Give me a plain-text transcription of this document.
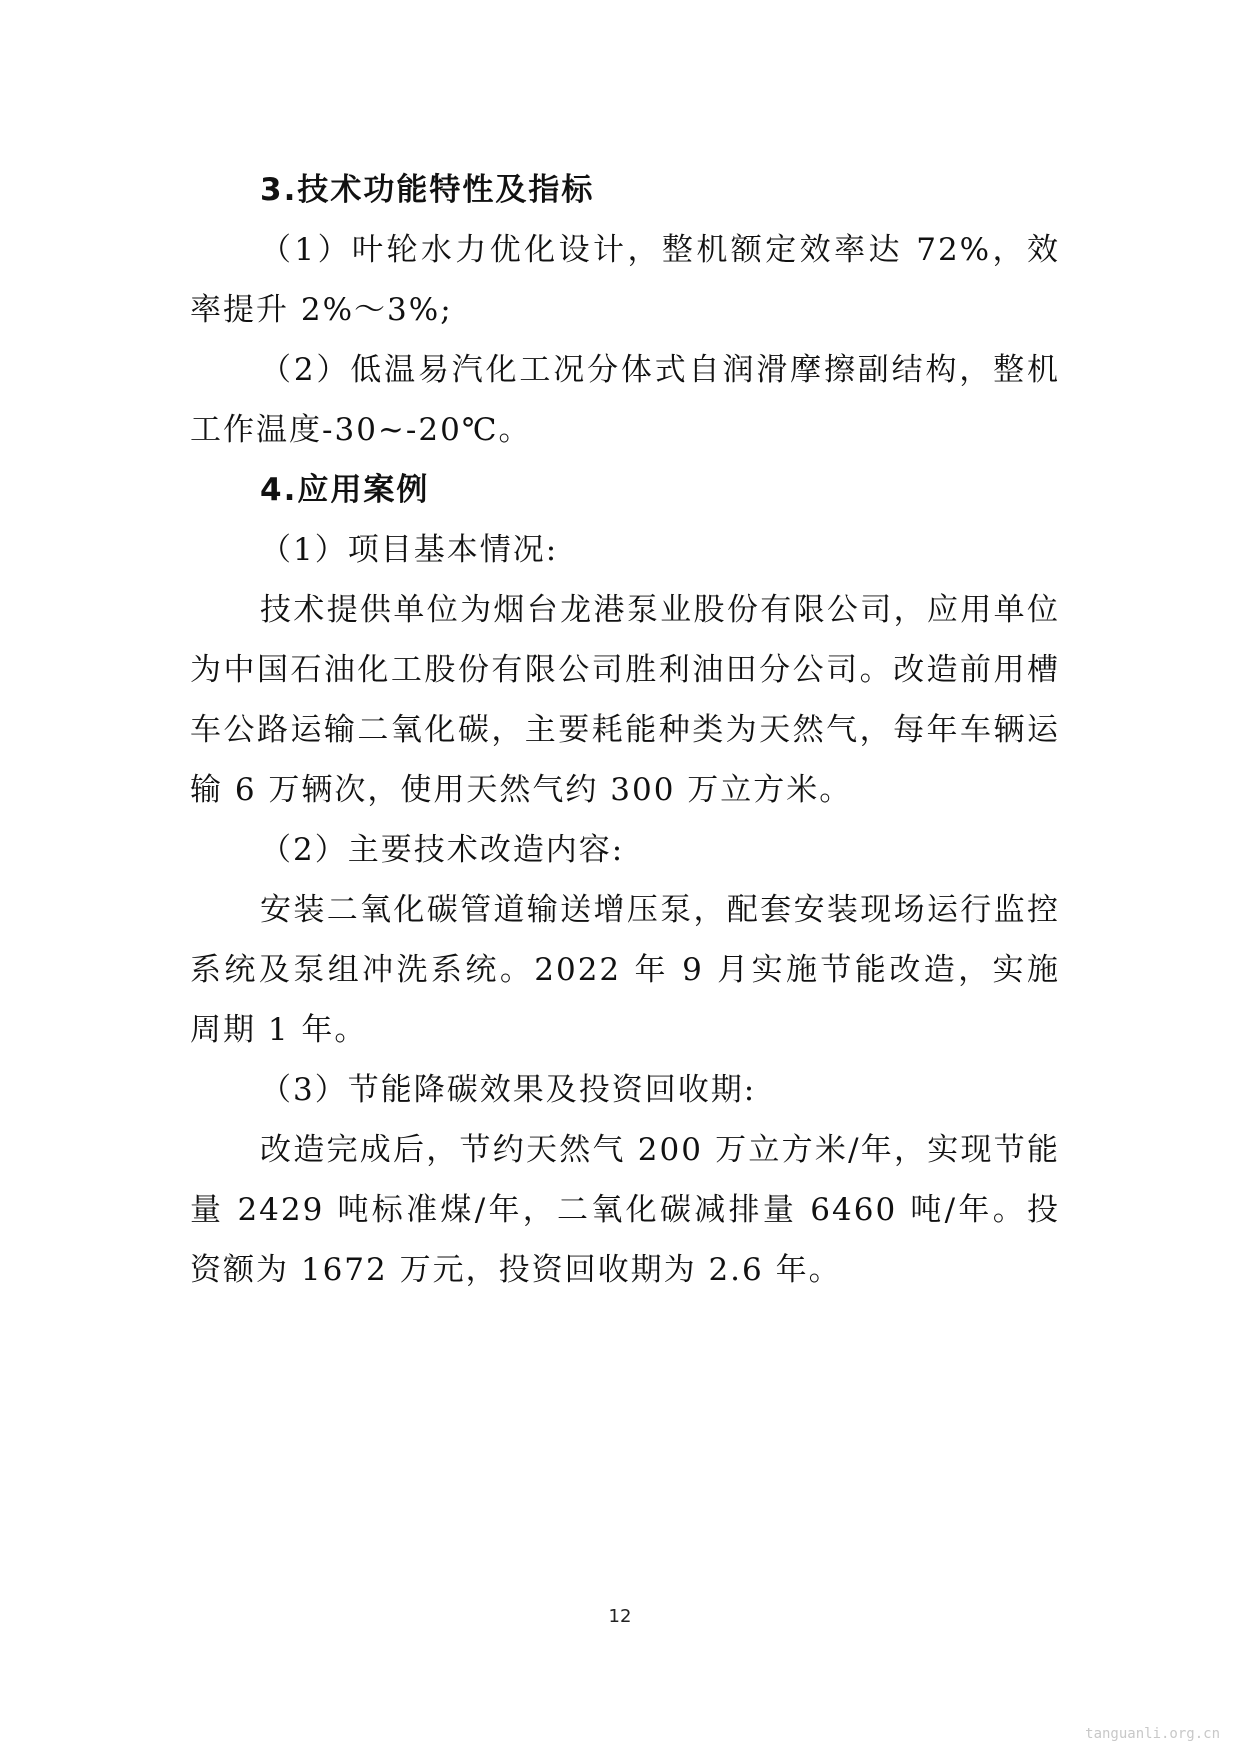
3.技术功能特性及指标

（1）叶轮水力优化设计，整机额定效率达 72%，效率提升 2%～3%;

（2）低温易汽化工况分体式自润滑摩擦副结构，整机工作温度-30~-20℃。

4.应用案例

（1）项目基本情况:

技术提供单位为烟台龙港泵业股份有限公司，应用单位为中国石油化工股份有限公司胜利油田分公司。改造前用槽车公路运输二氧化碳，主要耗能种类为天然气，每年车辆运输 6 万辆次，使用天然气约 300 万立方米。

（2）主要技术改造内容:

安装二氧化碳管道输送增压泵，配套安装现场运行监控系统及泵组冲洗系统。2022 年 9 月实施节能改造，实施周期 1 年。

（3）节能降碳效果及投资回收期:

改造完成后，节约天然气 200 万立方米/年，实现节能量 2429 吨标准煤/年，二氧化碳减排量 6460 吨/年。投资额为 1672 万元，投资回收期为 2.6 年。

12
tanguanli.org.cn
